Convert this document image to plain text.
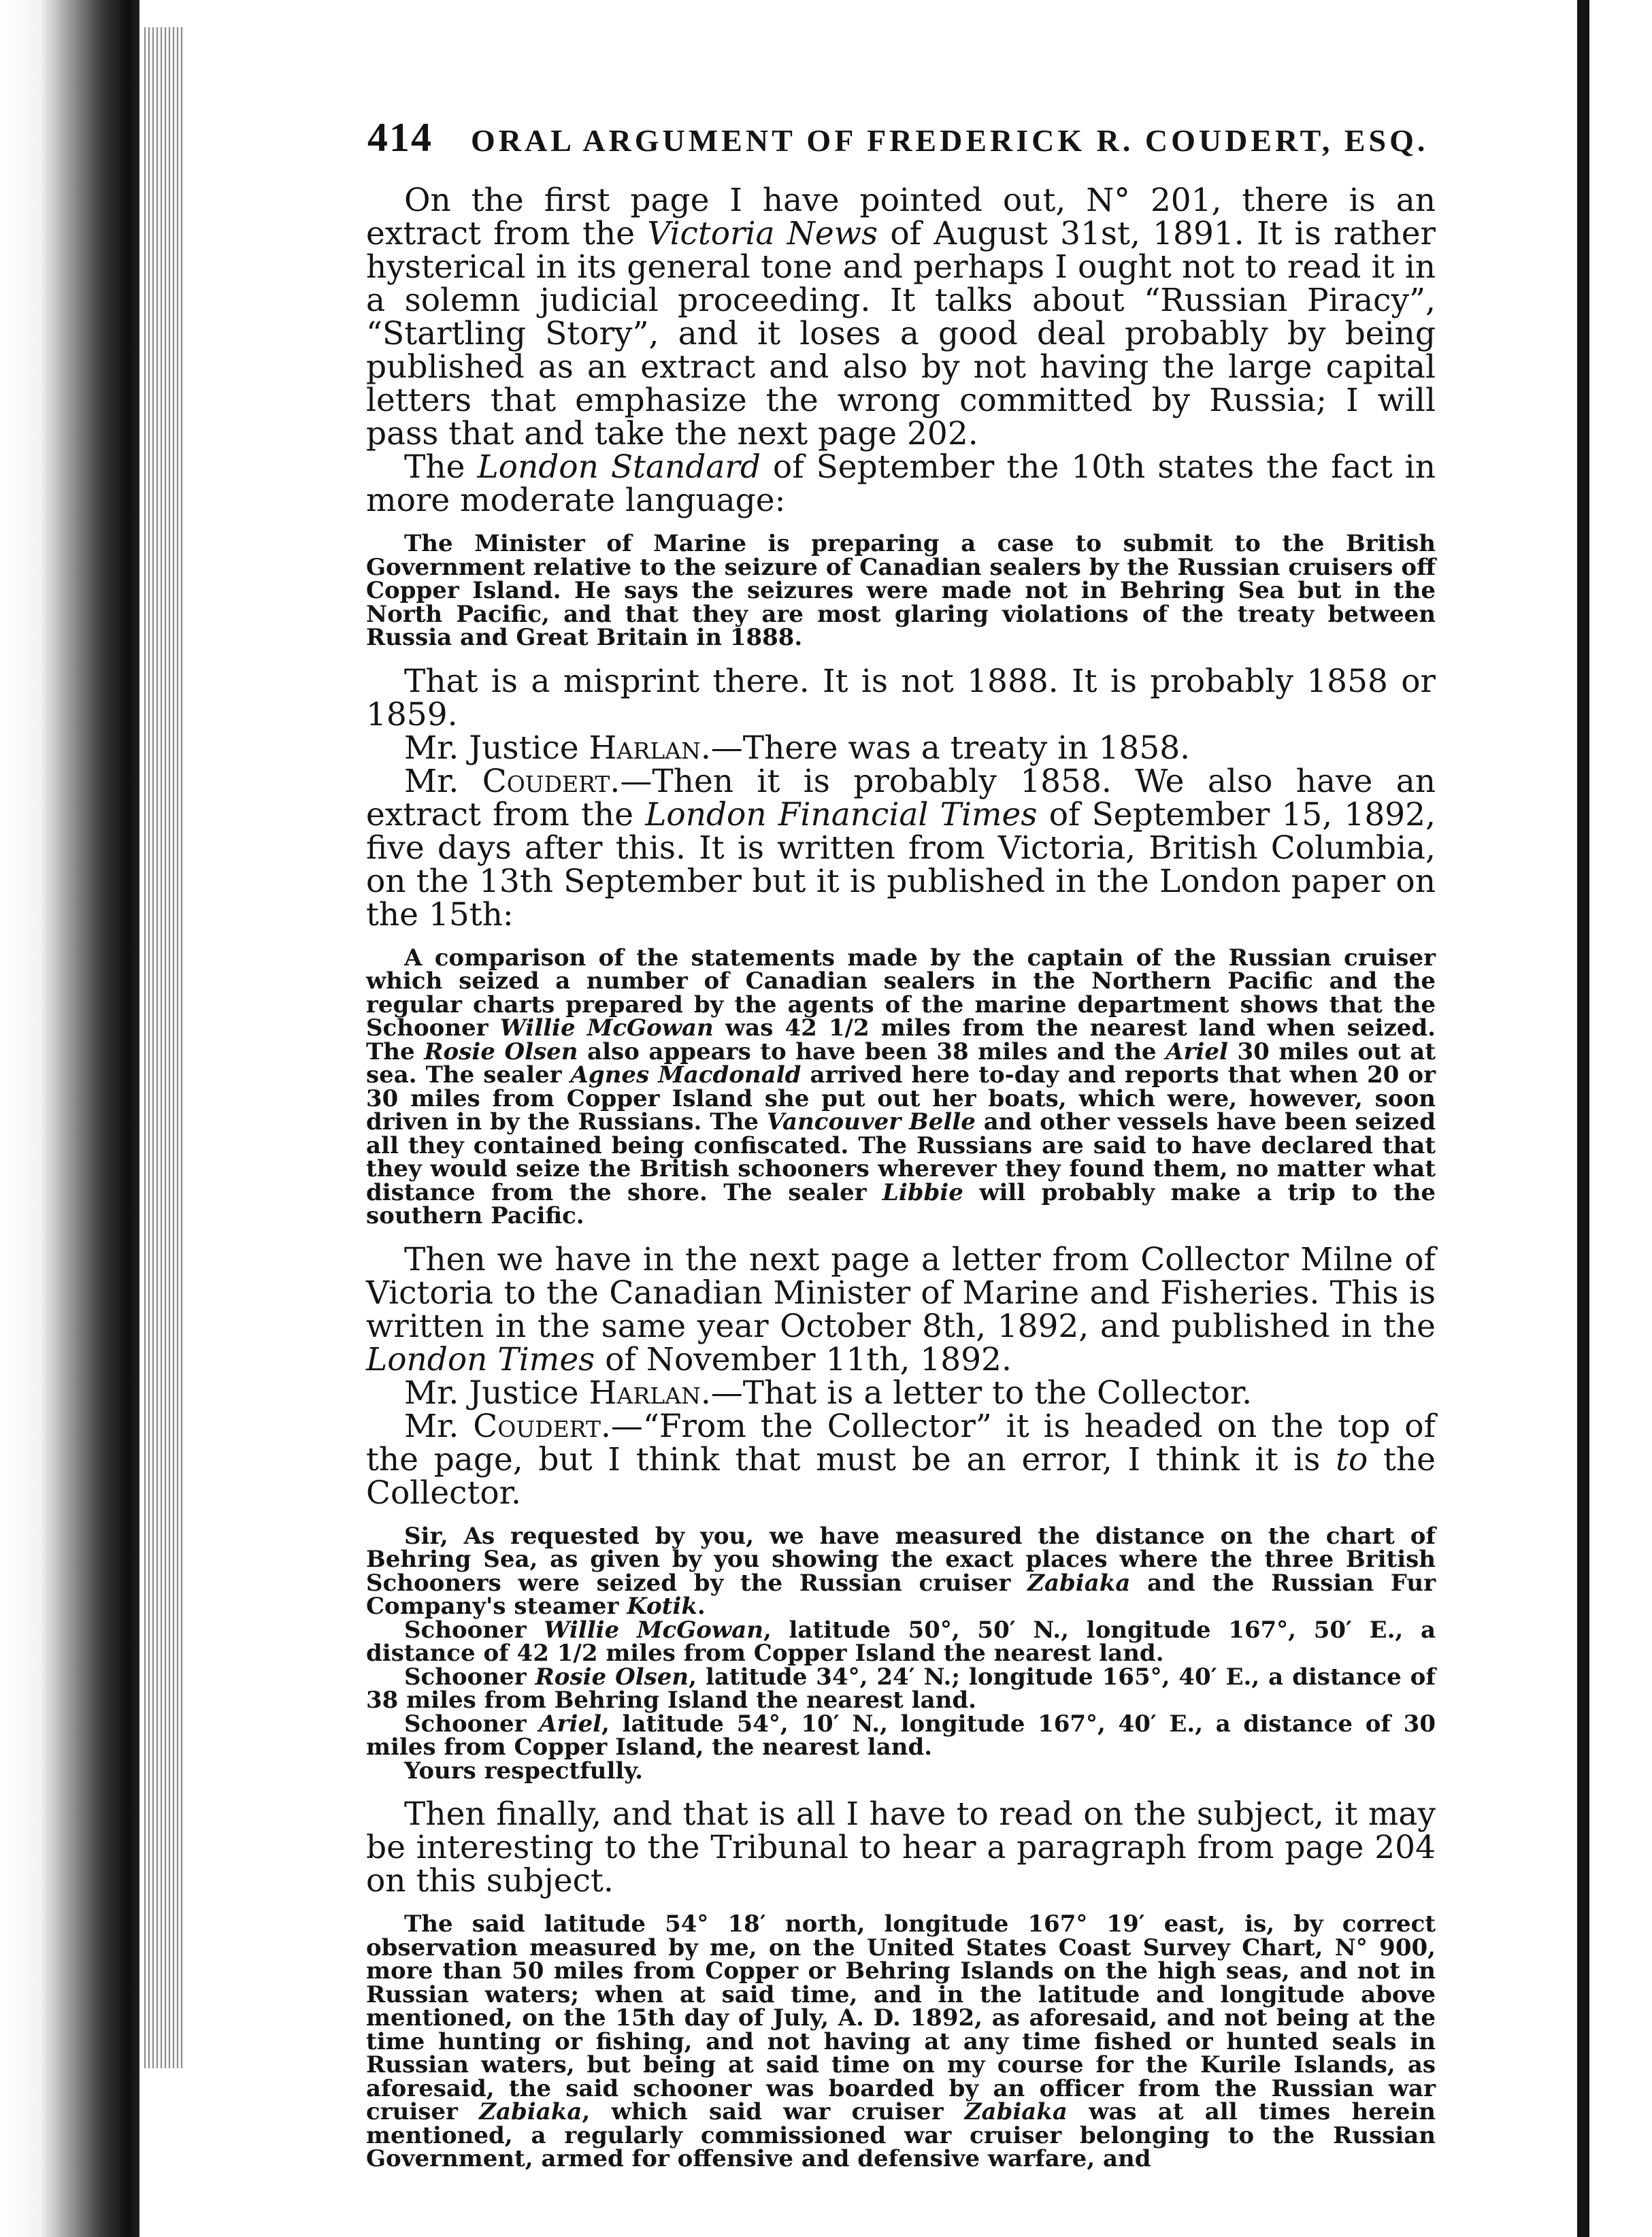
414 ORAL ARGUMENT OF FREDERICK R. COUDERT, ESQ.

On the first page I have pointed out, N° 201, there is an extract from the Victoria News of August 31st, 1891. It is rather hysterical in its general tone and perhaps I ought not to read it in a solemn judicial proceeding. It talks about “Russian Piracy”, “Startling Story”, and it loses a good deal probably by being published as an extract and also by not having the large capital letters that emphasize the wrong committed by Russia; I will pass that and take the next page 202.

The London Standard of September the 10th states the fact in more moderate language:

The Minister of Marine is preparing a case to submit to the British Government relative to the seizure of Canadian sealers by the Russian cruisers off Copper Island. He says the seizures were made not in Behring Sea but in the North Pacific, and that they are most glaring violations of the treaty between Russia and Great Britain in 1888.

That is a misprint there. It is not 1888. It is probably 1858 or 1859.

Mr. Justice Harlan.—There was a treaty in 1858.

Mr. Coudert.—Then it is probably 1858. We also have an extract from the London Financial Times of September 15, 1892, five days after this. It is written from Victoria, British Columbia, on the 13th September but it is published in the London paper on the 15th:

A comparison of the statements made by the captain of the Russian cruiser which seized a number of Canadian sealers in the Northern Pacific and the regular charts prepared by the agents of the marine department shows that the Schooner Willie McGowan was 42 1/2 miles from the nearest land when seized. The Rosie Olsen also appears to have been 38 miles and the Ariel 30 miles out at sea. The sealer Agnes Macdonald arrived here to-day and reports that when 20 or 30 miles from Copper Island she put out her boats, which were, however, soon driven in by the Russians. The Vancouver Belle and other vessels have been seized all they contained being confiscated. The Russians are said to have declared that they would seize the British schooners wherever they found them, no matter what distance from the shore. The sealer Libbie will probably make a trip to the southern Pacific.

Then we have in the next page a letter from Collector Milne of Victoria to the Canadian Minister of Marine and Fisheries. This is written in the same year October 8th, 1892, and published in the London Times of November 11th, 1892.

Mr. Justice Harlan.—That is a letter to the Collector.

Mr. Coudert.—“From the Collector” it is headed on the top of the page, but I think that must be an error, I think it is to the Collector.

Sir, As requested by you, we have measured the distance on the chart of Behring Sea, as given by you showing the exact places where the three British Schooners were seized by the Russian cruiser Zabiaka and the Russian Fur Company's steamer Kotik.

Schooner Willie McGowan, latitude 50°, 50′ N., longitude 167°, 50′ E., a distance of 42 1/2 miles from Copper Island the nearest land.

Schooner Rosie Olsen, latitude 34°, 24′ N.; longitude 165°, 40′ E., a distance of 38 miles from Behring Island the nearest land.

Schooner Ariel, latitude 54°, 10′ N., longitude 167°, 40′ E., a distance of 30 miles from Copper Island, the nearest land.

Yours respectfully.

Then finally, and that is all I have to read on the subject, it may be interesting to the Tribunal to hear a paragraph from page 204 on this subject.

The said latitude 54° 18′ north, longitude 167° 19′ east, is, by correct observation measured by me, on the United States Coast Survey Chart, N° 900, more than 50 miles from Copper or Behring Islands on the high seas, and not in Russian waters; when at said time, and in the latitude and longitude above mentioned, on the 15th day of July, A. D. 1892, as aforesaid, and not being at the time hunting or fishing, and not having at any time fished or hunted seals in Russian waters, but being at said time on my course for the Kurile Islands, as aforesaid, the said schooner was boarded by an officer from the Russian war cruiser Zabiaka, which said war cruiser Zabiaka was at all times herein mentioned, a regularly commissioned war cruiser belonging to the Russian Government, armed for offensive and defensive warfare, and
